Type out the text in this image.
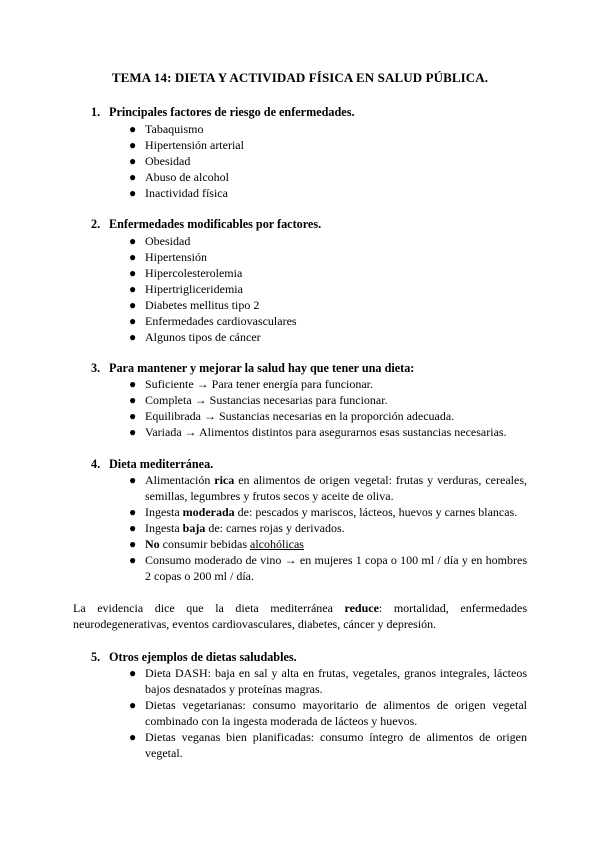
TEMA 14: DIETA Y ACTIVIDAD FÍSICA EN SALUD PÚBLICA.
1. Principales factores de riesgo de enfermedades.
● Tabaquismo
● Hipertensión arterial
● Obesidad
● Abuso de alcohol
● Inactividad física
2. Enfermedades modificables por factores.
● Obesidad
● Hipertensión
● Hipercolesterolemia
● Hipertrigliceridemia
● Diabetes mellitus tipo 2
● Enfermedades cardiovasculares
● Algunos tipos de cáncer
3. Para mantener y mejorar la salud hay que tener una dieta:
● Suficiente → Para tener energía para funcionar.
● Completa → Sustancias necesarias para funcionar.
● Equilibrada → Sustancias necesarias en la proporción adecuada.
● Variada → Alimentos distintos para asegurarnos esas sustancias necesarias.
4. Dieta mediterránea.
● Alimentación rica en alimentos de origen vegetal: frutas y verduras, cereales, semillas, legumbres y frutos secos y aceite de oliva.
● Ingesta moderada de: pescados y mariscos, lácteos, huevos y carnes blancas.
● Ingesta baja de: carnes rojas y derivados.
● No consumir bebidas alcohólicas
● Consumo moderado de vino → en mujeres 1 copa o 100 ml / día y en hombres 2 copas o 200 ml / día.
La evidencia dice que la dieta mediterránea reduce: mortalidad, enfermedades neurodegenerativas, eventos cardiovasculares, diabetes, cáncer y depresión.
5. Otros ejemplos de dietas saludables.
● Dieta DASH: baja en sal y alta en frutas, vegetales, granos integrales, lácteos bajos desnatados y proteínas magras.
● Dietas vegetarianas: consumo mayoritario de alimentos de origen vegetal combinado con la ingesta moderada de lácteos y huevos.
● Dietas veganas bien planificadas: consumo íntegro de alimentos de origen vegetal.
